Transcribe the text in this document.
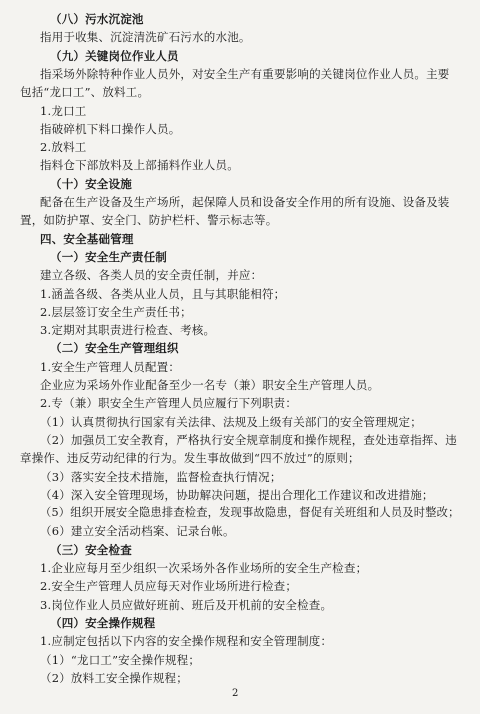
（八）污水沉淀池
指用于收集、沉淀清洗矿石污水的水池。
（九）关键岗位作业人员
指采场外除特种作业人员外，对安全生产有重要影响的关键岗位作业人员。主要
包括“龙口工”、放料工。
1.龙口工
指破碎机下料口操作人员。
2.放料工
指料仓下部放料及上部捅料作业人员。
（十）安全设施
配备在生产设备及生产场所，起保障人员和设备安全作用的所有设施、设备及装
置，如防护罩、安全门、防护栏杆、警示标志等。
四、安全基础管理
（一）安全生产责任制
建立各级、各类人员的安全责任制，并应：
1.涵盖各级、各类从业人员，且与其职能相符；
2.层层签订安全生产责任书；
3.定期对其职责进行检查、考核。
（二）安全生产管理组织
1.安全生产管理人员配置：
企业应为采场外作业配备至少一名专（兼）职安全生产管理人员。
2.专（兼）职安全生产管理人员应履行下列职责：
（1）认真贯彻执行国家有关法律、法规及上级有关部门的安全管理规定；
（2）加强员工安全教育，严格执行安全规章制度和操作规程，查处违章指挥、违
章操作、违反劳动纪律的行为。发生事故做到“四不放过”的原则；
（3）落实安全技术措施，监督检查执行情况；
（4）深入安全管理现场，协助解决问题，提出合理化工作建议和改进措施；
（5）组织开展安全隐患排查检查，发现事故隐患，督促有关班组和人员及时整改；
（6）建立安全活动档案、记录台帐。
（三）安全检查
1.企业应每月至少组织一次采场外各作业场所的安全生产检查；
2.安全生产管理人员应每天对作业场所进行检查；
3.岗位作业人员应做好班前、班后及开机前的安全检查。
（四）安全操作规程
1.应制定包括以下内容的安全操作规程和安全管理制度：
（1）“龙口工”安全操作规程；
（2）放料工安全操作规程；
2
